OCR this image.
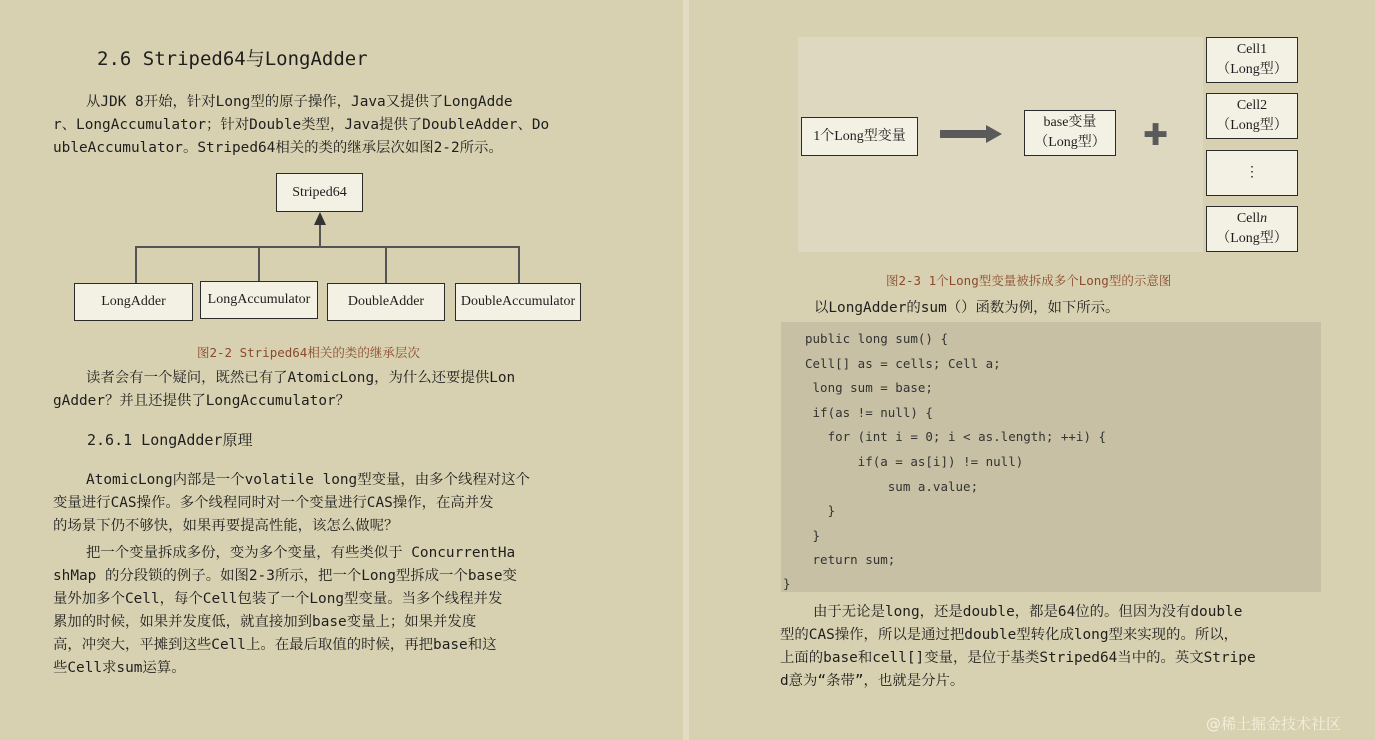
2.6 Striped64与LongAdder
从JDK 8开始，针对Long型的原子操作，Java又提供了LongAdde
r、LongAccumulator；针对Double类型，Java提供了DoubleAdder、Do
ubleAccumulator。Striped64相关的类的继承层次如图2-2所示。
Striped64
LongAdder	LongAccumulator	DoubleAdder	DoubleAccumulator
图2-2 Striped64相关的类的继承层次
读者会有一个疑问，既然已有了AtomicLong，为什么还要提供Lon
gAdder？并且还提供了LongAccumulator？
2.6.1 LongAdder原理
AtomicLong内部是一个volatile long型变量，由多个线程对这个
变量进行CAS操作。多个线程同时对一个变量进行CAS操作，在高并发
的场景下仍不够快，如果再要提高性能，该怎么做呢？
把一个变量拆成多份，变为多个变量，有些类似于 ConcurrentHa
shMap 的分段锁的例子。如图2-3所示，把一个Long型拆成一个base变
量外加多个Cell，每个Cell包装了一个Long型变量。当多个线程并发
累加的时候，如果并发度低，就直接加到base变量上；如果并发度
高，冲突大，平摊到这些Cell上。在最后取值的时候，再把base和这
些Cell求sum运算。
1个Long型变量
base变量
（Long型） ✚
Cell1
（Long型）
Cell2
（Long型）
⋮
Celln
（Long型）
图2-3 1个Long型变量被拆成多个Long型的示意图
以LongAdder的sum（）函数为例，如下所示。
public long sum() {
Cell[] as = cells; Cell a;
long sum = base;
if(as != null) {
for (int i = 0; i < as.length; ++i) {
if(a = as[i]) != null)
sum a.value;
}
}
return sum;
}
由于无论是long，还是double，都是64位的。但因为没有double
型的CAS操作，所以是通过把double型转化成long型来实现的。所以，
上面的base和cell[]变量，是位于基类Striped64当中的。英文Stripe
d意为“条带”，也就是分片。
@稀土掘金技术社区
